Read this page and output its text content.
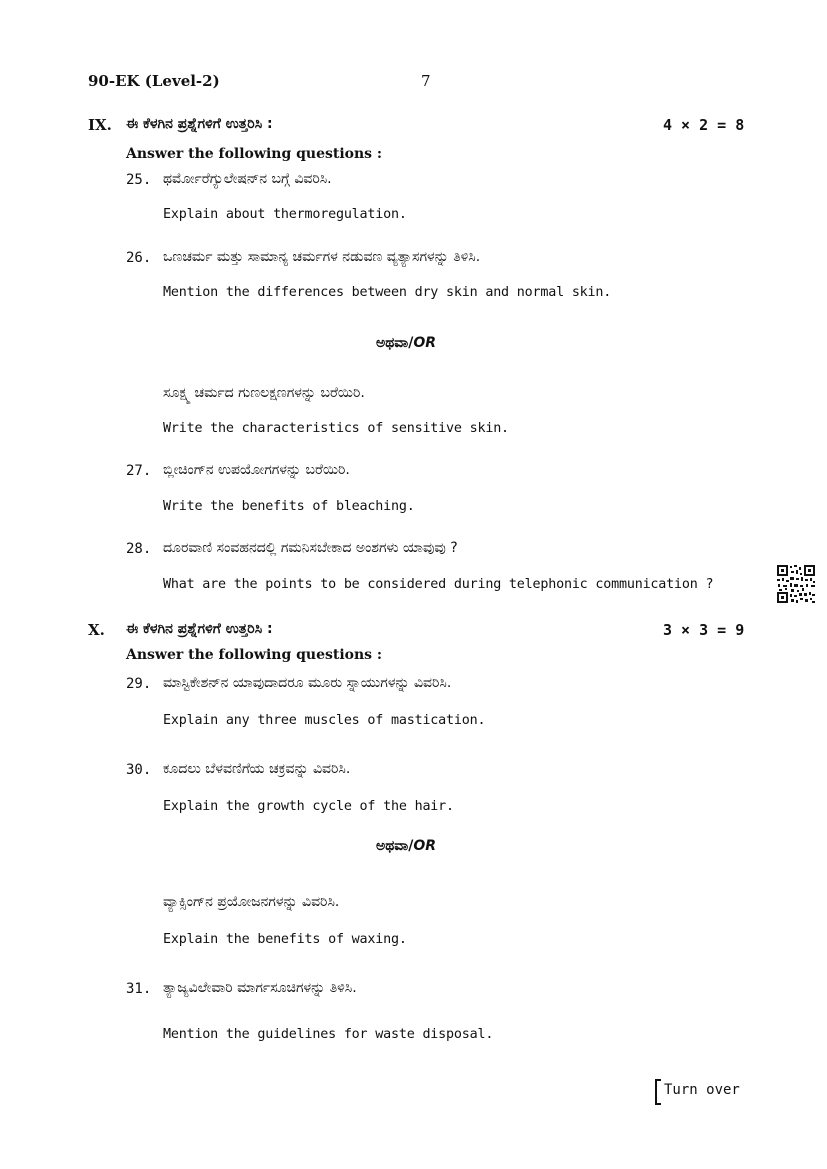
90-EK (Level-2)	7
IX. ಈ ಕೆಳಗಿನ ಪ್ರಶ್ನೆಗಳಿಗೆ ಉತ್ತರಿಸಿ :	4 × 2 = 8
Answer the following questions :
25. ಥರ್ಮೋರೆಗ್ಯುಲೇಷನ್‌ನ ಬಗ್ಗೆ ವಿವರಿಸಿ.
Explain about thermoregulation.
26. ಒಣಚರ್ಮ ಮತ್ತು ಸಾಮಾನ್ಯ ಚರ್ಮಗಳ ನಡುವಣ ವ್ಯತ್ಯಾಸಗಳನ್ನು ತಿಳಿಸಿ.
Mention the differences between dry skin and normal skin.
ಅಥವಾ/OR
ಸೂಕ್ಷ್ಮ ಚರ್ಮದ ಗುಣಲಕ್ಷಣಗಳನ್ನು ಬರೆಯಿರಿ.
Write the characteristics of sensitive skin.
27. ಬ್ಲೀಚಿಂಗ್‌ನ ಉಪಯೋಗಗಳನ್ನು ಬರೆಯಿರಿ.
Write the benefits of bleaching.
28. ದೂರವಾಣಿ ಸಂವಹನದಲ್ಲಿ ಗಮನಿಸಬೇಕಾದ ಅಂಶಗಳು ಯಾವುವು ?
What are the points to be considered during telephonic communication ?
X. ಈ ಕೆಳಗಿನ ಪ್ರಶ್ನೆಗಳಿಗೆ ಉತ್ತರಿಸಿ :	3 × 3 = 9
Answer the following questions :
29. ಮಾಸ್ಟಿಕೇಶನ್‌ನ ಯಾವುದಾದರೂ ಮೂರು ಸ್ನಾಯುಗಳನ್ನು ವಿವರಿಸಿ.
Explain any three muscles of mastication.
30. ಕೂದಲು ಬೆಳವಣಿಗೆಯ ಚಕ್ರವನ್ನು ವಿವರಿಸಿ.
Explain the growth cycle of the hair.
ಅಥವಾ/OR
ವ್ಯಾಕ್ಸಿಂಗ್‌ನ ಪ್ರಯೋಜನಗಳನ್ನು ವಿವರಿಸಿ.
Explain the benefits of waxing.
31. ತ್ಯಾಜ್ಯವಿಲೇವಾರಿ ಮಾರ್ಗಸೂಚಿಗಳನ್ನು ತಿಳಿಸಿ.
Mention the guidelines for waste disposal.
Turn over
